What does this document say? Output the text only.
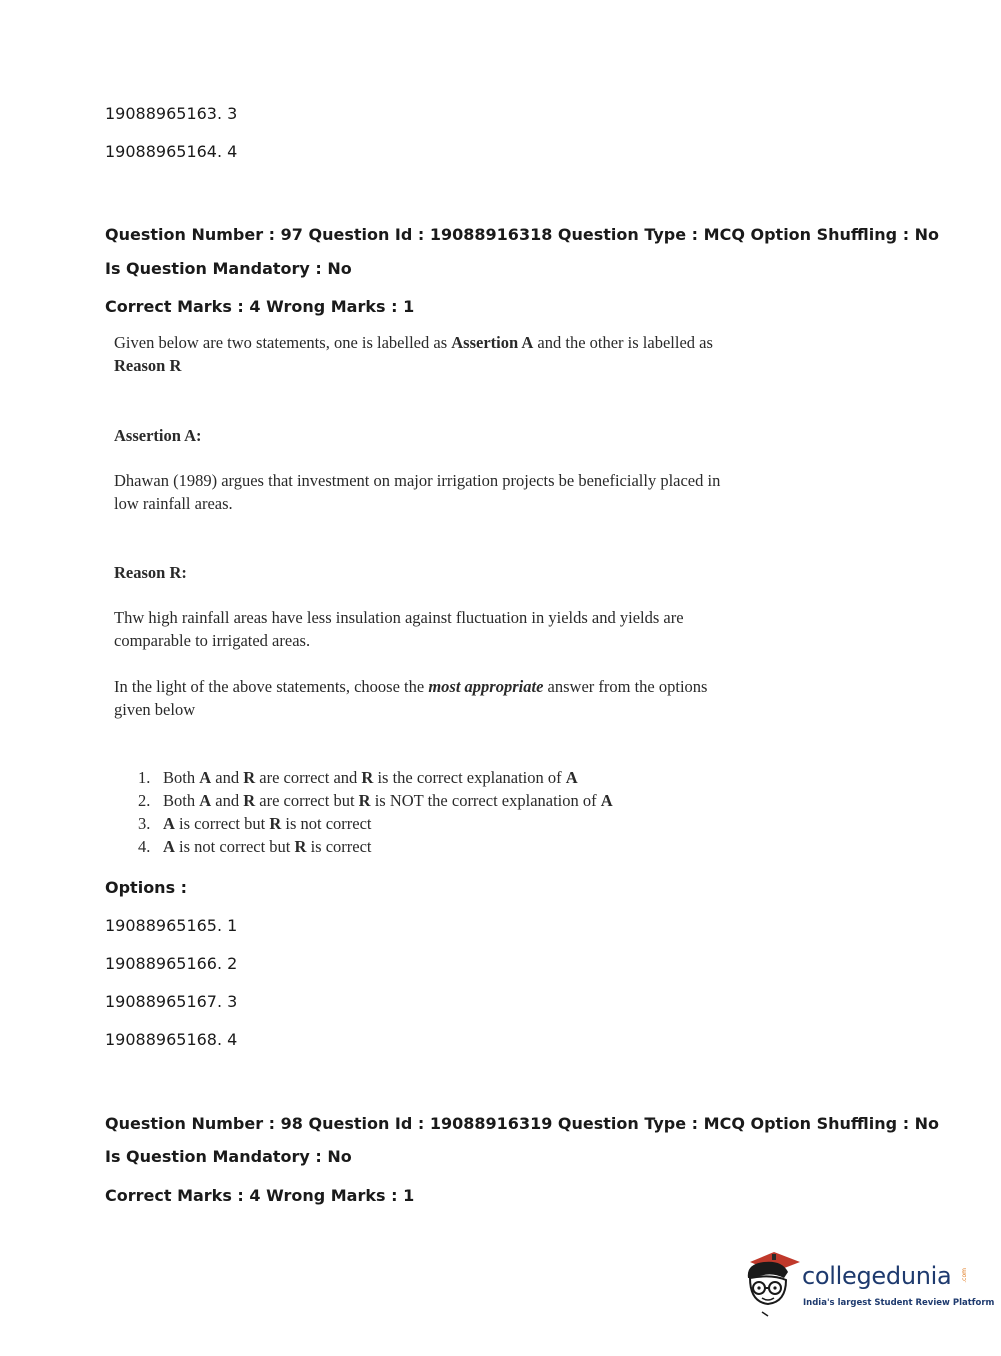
19088965163. 3
19088965164. 4
Question Number : 97 Question Id : 19088916318 Question Type : MCQ Option Shuffling : No
Is Question Mandatory : No
Correct Marks : 4 Wrong Marks : 1
Given below are two statements, one is labelled as Assertion A and the other is labelled as
Reason R
Assertion A:
Dhawan (1989) argues that investment on major irrigation projects be beneficially placed in
low rainfall areas.
Reason R:
Thw high rainfall areas have less insulation against fluctuation in yields and yields are
comparable to irrigated areas.
In the light of the above statements, choose the most appropriate answer from the options
given below
1. Both A and R are correct and R is the correct explanation of A
2. Both A and R are correct but R is NOT the correct explanation of A
3. A is correct but R is not correct
4. A is not correct but R is correct
Options :
19088965165. 1
19088965166. 2
19088965167. 3
19088965168. 4
Question Number : 98 Question Id : 19088916319 Question Type : MCQ Option Shuffling : No
Is Question Mandatory : No
Correct Marks : 4 Wrong Marks : 1
collegedunia .com
India's largest Student Review Platform
